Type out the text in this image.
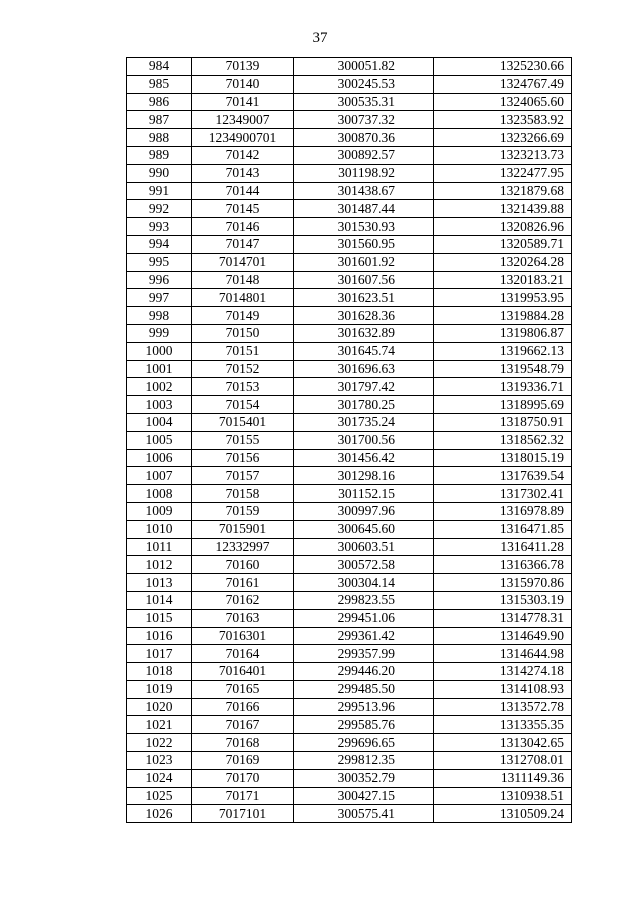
37
984	70139	300051.82	1325230.66
985	70140	300245.53	1324767.49
986	70141	300535.31	1324065.60
987	12349007	300737.32	1323583.92
988	1234900701	300870.36	1323266.69
989	70142	300892.57	1323213.73
990	70143	301198.92	1322477.95
991	70144	301438.67	1321879.68
992	70145	301487.44	1321439.88
993	70146	301530.93	1320826.96
994	70147	301560.95	1320589.71
995	7014701	301601.92	1320264.28
996	70148	301607.56	1320183.21
997	7014801	301623.51	1319953.95
998	70149	301628.36	1319884.28
999	70150	301632.89	1319806.87
1000	70151	301645.74	1319662.13
1001	70152	301696.63	1319548.79
1002	70153	301797.42	1319336.71
1003	70154	301780.25	1318995.69
1004	7015401	301735.24	1318750.91
1005	70155	301700.56	1318562.32
1006	70156	301456.42	1318015.19
1007	70157	301298.16	1317639.54
1008	70158	301152.15	1317302.41
1009	70159	300997.96	1316978.89
1010	7015901	300645.60	1316471.85
1011	12332997	300603.51	1316411.28
1012	70160	300572.58	1316366.78
1013	70161	300304.14	1315970.86
1014	70162	299823.55	1315303.19
1015	70163	299451.06	1314778.31
1016	7016301	299361.42	1314649.90
1017	70164	299357.99	1314644.98
1018	7016401	299446.20	1314274.18
1019	70165	299485.50	1314108.93
1020	70166	299513.96	1313572.78
1021	70167	299585.76	1313355.35
1022	70168	299696.65	1313042.65
1023	70169	299812.35	1312708.01
1024	70170	300352.79	1311149.36
1025	70171	300427.15	1310938.51
1026	7017101	300575.41	1310509.24
